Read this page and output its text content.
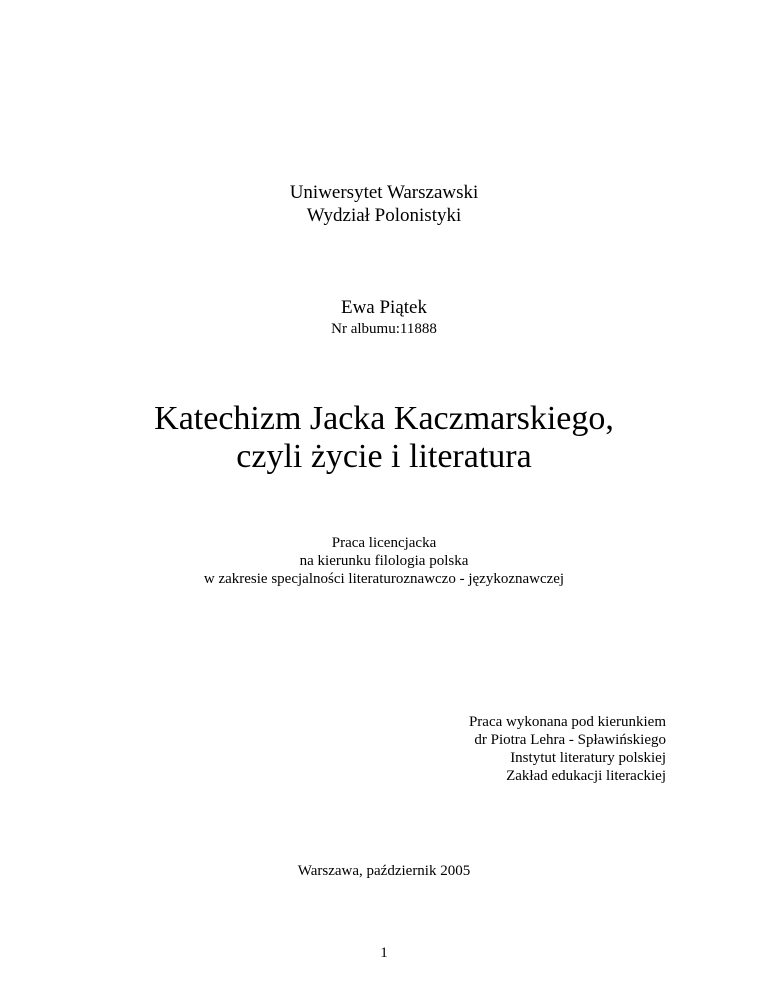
Uniwersytet Warszawski
Wydział Polonistyki
Ewa Piątek
Nr albumu:11888
Katechizm Jacka Kaczmarskiego,
czyli życie i literatura
Praca licencjacka
na kierunku filologia polska
w zakresie specjalności literaturoznawczo - językoznawczej
Praca wykonana pod kierunkiem
dr Piotra Lehra - Spławińskiego
Instytut literatury polskiej
Zakład edukacji literackiej
Warszawa, październik 2005
1
